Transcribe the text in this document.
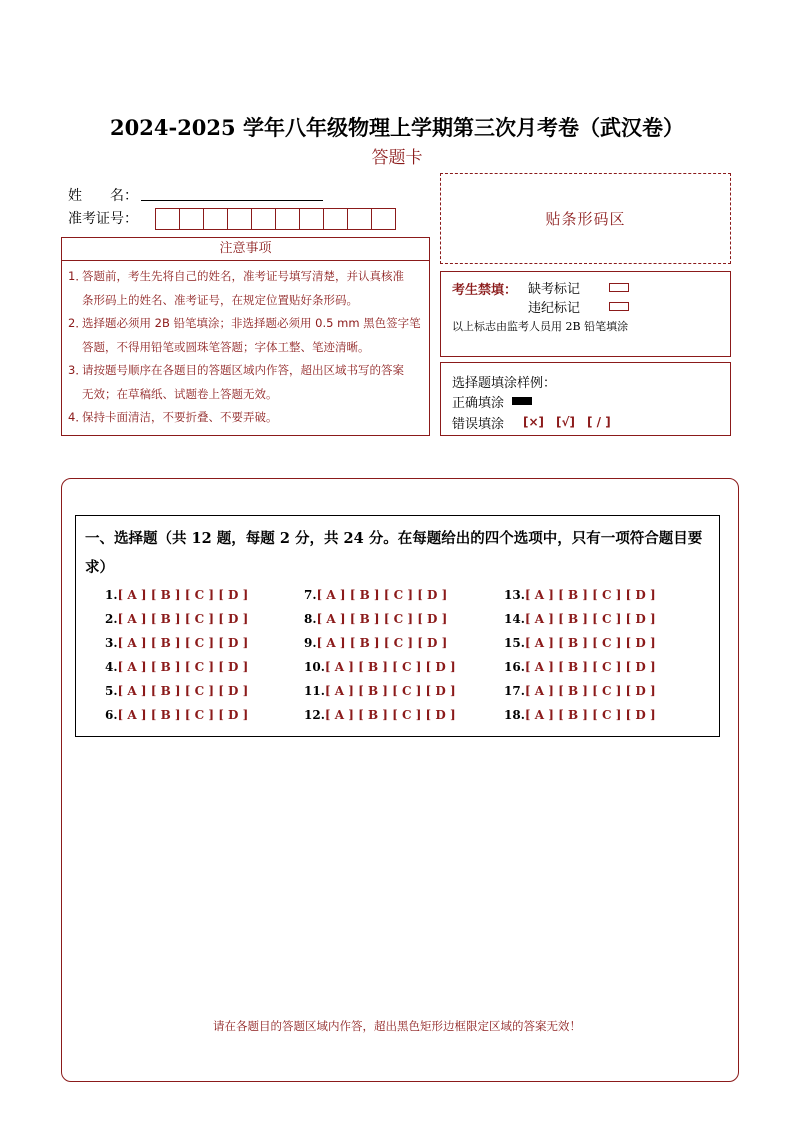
2024-2025 学年八年级物理上学期第三次月考卷（武汉卷）
答题卡
姓　　名：
准考证号：	贴条形码区
注意事项
1．答题前，考生先将自己的姓名，准考证号填写清楚，并认真核准
条形码上的姓名、准考证号，在规定位置贴好条形码。
2．选择题必须用 2B 铅笔填涂；非选择题必须用 0.5 mm 黑色签字笔
答题，不得用铅笔或圆珠笔答题；字体工整、笔迹清晰。
3．请按题号顺序在各题目的答题区域内作答，超出区域书写的答案
无效；在草稿纸、试题卷上答题无效。
4．保持卡面清洁，不要折叠、不要弄破。
考生禁填： 缺考标记
违纪标记
以上标志由监考人员用 2B 铅笔填涂
选择题填涂样例：
正确填涂
错误填涂 [×]　[√]　[ / ]
一、选择题（共 12 题，每题 2 分，共 24 分。在每题给出的四个选项中，只有一项符合题目要求）
1.[ A ] [ B ] [ C ] [ D ]
2.[ A ] [ B ] [ C ] [ D ]
3.[ A ] [ B ] [ C ] [ D ]
4.[ A ] [ B ] [ C ] [ D ]
5.[ A ] [ B ] [ C ] [ D ]
6.[ A ] [ B ] [ C ] [ D ]
7.[ A ] [ B ] [ C ] [ D ]
8.[ A ] [ B ] [ C ] [ D ]
9.[ A ] [ B ] [ C ] [ D ]
10.[ A ] [ B ] [ C ] [ D ]
11.[ A ] [ B ] [ C ] [ D ]
12.[ A ] [ B ] [ C ] [ D ]
13.[ A ] [ B ] [ C ] [ D ]
14.[ A ] [ B ] [ C ] [ D ]
15.[ A ] [ B ] [ C ] [ D ]
16.[ A ] [ B ] [ C ] [ D ]
17.[ A ] [ B ] [ C ] [ D ]
18.[ A ] [ B ] [ C ] [ D ]
请在各题目的答题区域内作答，超出黑色矩形边框限定区域的答案无效！
